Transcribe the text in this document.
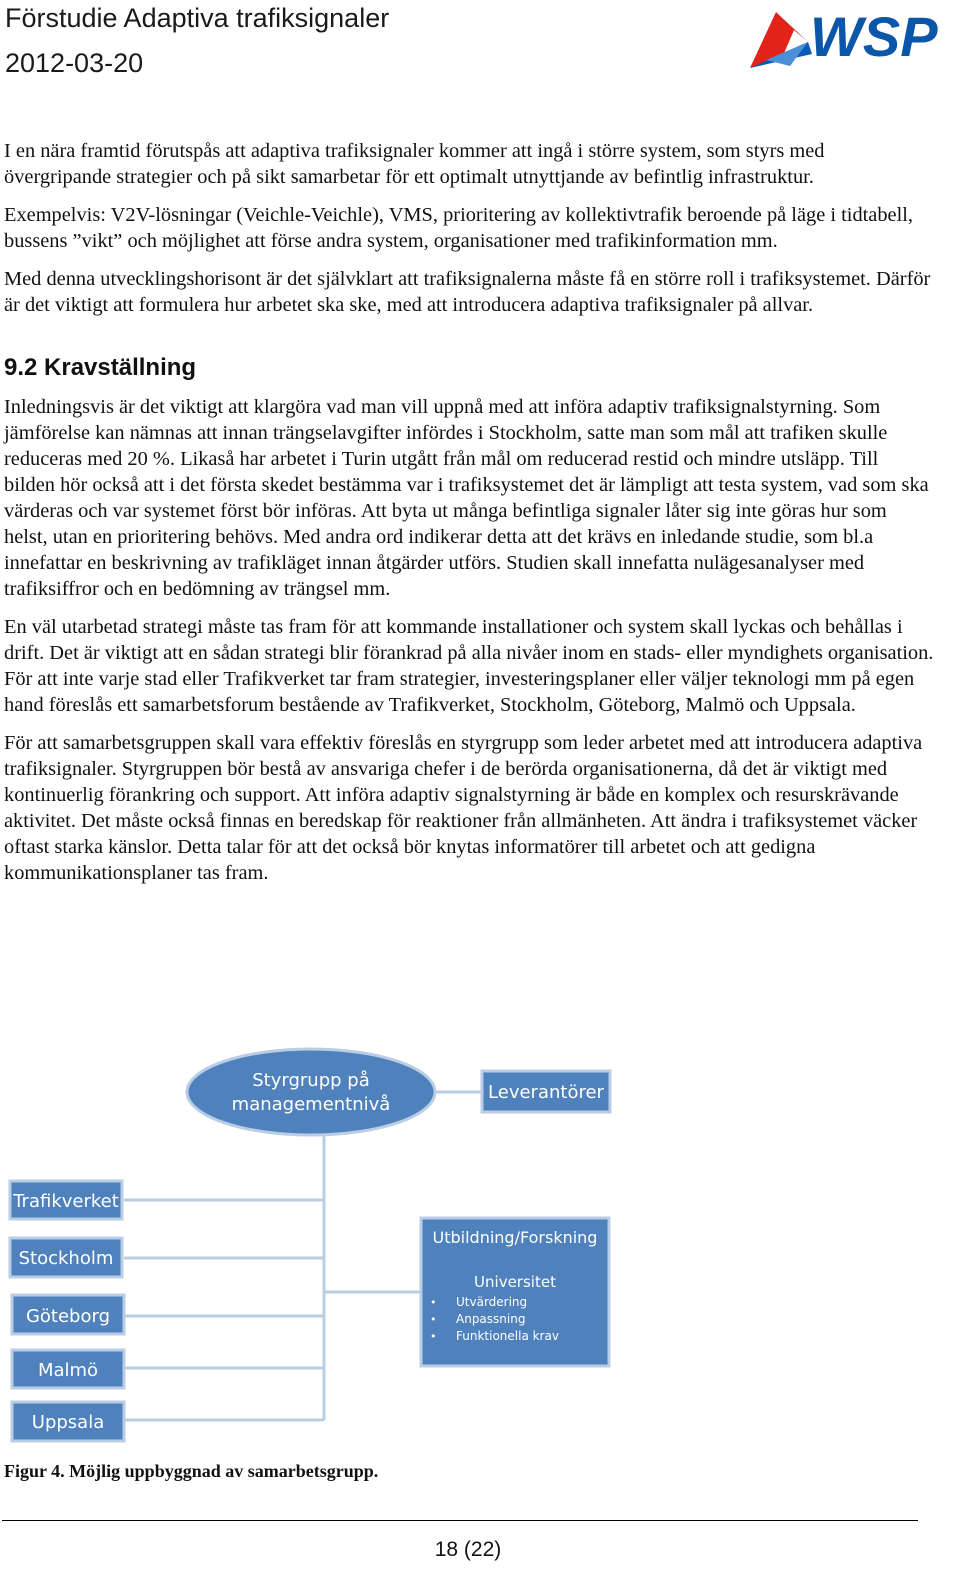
Förstudie Adaptiva trafiksignaler
2012-03-20	WSP

I en nära framtid förutspås att adaptiva trafiksignaler kommer att ingå i större system, som styrs med övergripande strategier och på sikt samarbetar för ett optimalt utnyttjande av befintlig infrastruktur.

Exempelvis: V2V-lösningar (Veichle-Veichle), VMS, prioritering av kollektivtrafik beroende på läge i tidtabell, bussens ”vikt” och möjlighet att förse andra system, organisationer med trafikinformation mm.

Med denna utvecklingshorisont är det självklart att trafiksignalerna måste få en större roll i trafiksystemet. Därför är det viktigt att formulera hur arbetet ska ske, med att introducera adaptiva trafiksignaler på allvar.

9.2 Kravställning

Inledningsvis är det viktigt att klargöra vad man vill uppnå med att införa adaptiv trafiksignalstyrning. Som jämförelse kan nämnas att innan trängselavgifter infördes i Stockholm, satte man som mål att trafiken skulle reduceras med 20 %. Likaså har arbetet i Turin utgått från mål om reducerad restid och mindre utsläpp. Till bilden hör också att i det första skedet bestämma var i trafiksystemet det är lämpligt att testa system, vad som ska värderas och var systemet först bör införas. Att byta ut många befintliga signaler låter sig inte göras hur som helst, utan en prioritering behövs. Med andra ord indikerar detta att det krävs en inledande studie, som bl.a innefattar en beskrivning av trafikläget innan åtgärder utförs. Studien skall innefatta nulägesanalyser med trafiksiffror och en bedömning av trängsel mm.

En väl utarbetad strategi måste tas fram för att kommande installationer och system skall lyckas och behållas i drift. Det är viktigt att en sådan strategi blir förankrad på alla nivåer inom en stads- eller myndighets organisation. För att inte varje stad eller Trafikverket tar fram strategier, investeringsplaner eller väljer teknologi mm på egen hand föreslås ett samarbetsforum bestående av Trafikverket, Stockholm, Göteborg, Malmö och Uppsala.

För att samarbetsgruppen skall vara effektiv föreslås en styrgrupp som leder arbetet med att introducera adaptiva trafiksignaler. Styrgruppen bör bestå av ansvariga chefer i de berörda organisationerna, då det är viktigt med kontinuerlig förankring och support. Att införa adaptiv signalstyrning är både en komplex och resurskrävande aktivitet. Det måste också finnas en beredskap för reaktioner från allmänheten. Att ändra i trafiksystemet väcker oftast starka känslor. Detta talar för att det också bör knytas informatörer till arbetet och att gedigna kommunikationsplaner tas fram.

Styrgrupp på
managementnivå
Leverantörer
Trafikverket
Stockholm
Göteborg
Malmö
Uppsala
Utbildning/Forskning
Universitet
• Utvärdering
• Anpassning
• Funktionella krav
Figur 4. Möjlig uppbyggnad av samarbetsgrupp.
18 (22)
